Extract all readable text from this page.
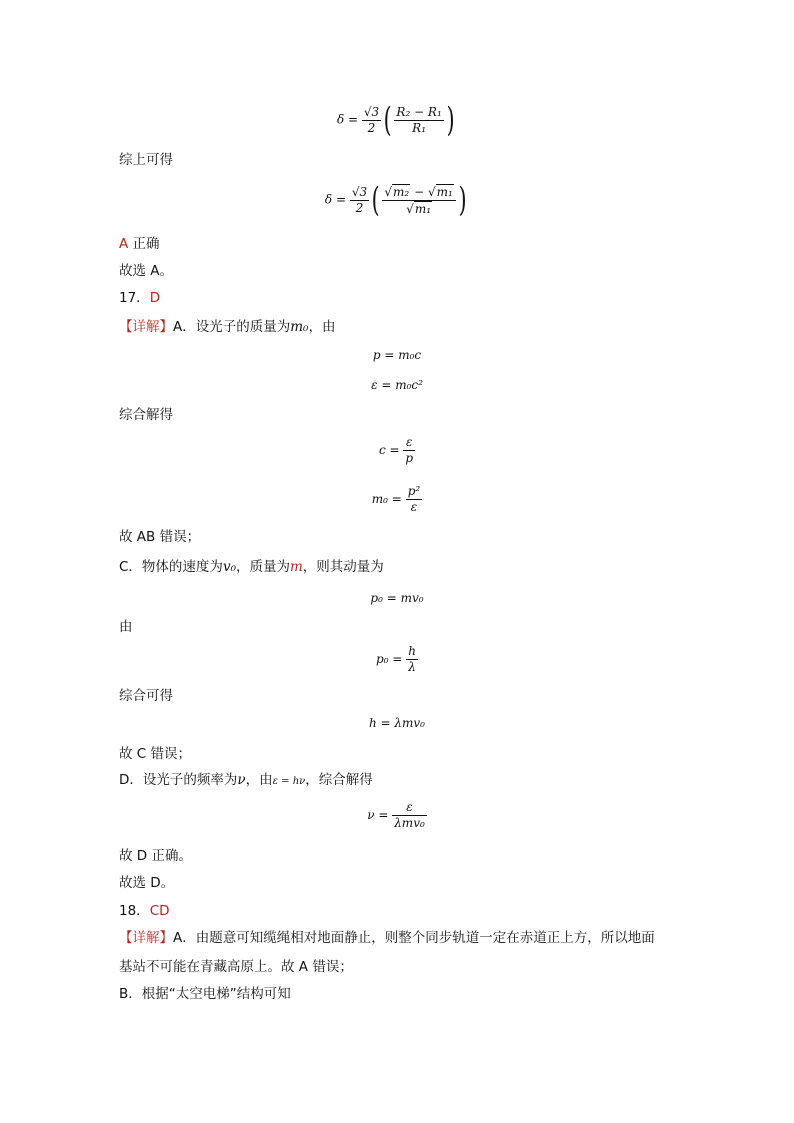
$\delta = \frac{√3}{2}$ ( $\frac{\text{R₂ − R₁}}{\text{R₁}}$ )
综上可得
$\delta = \frac{√3}{2}$ ( $\frac{\text{√m₂ − √m₁}}{\text{√m₁}}$ )
A 正确
故选 A。
17．D
【详解】A．设光子的质量为m₀，由
p = m₀c
ε = m₀c²
综合解得
$c = \frac{\varepsilon}{p}$
$m_0 = \frac{\text{p²}}{\varepsilon}$
故 AB 错误；
C．物体的速度为v₀，质量为m，则其动量为
p₀ = mv₀
由
$p_0 = \frac{h}{\lambda}$
综合可得
h = λmv₀
故 C 错误；
D．设光子的频率为ν，由ε = hν，综合解得
$\nu = \frac{\varepsilon}{\text{λmv₀}}$
故 D 正确。
故选 D。
18．CD
【详解】A．由题意可知缆绳相对地面静止，则整个同步轨道一定在赤道正上方，所以地面
基站不可能在青藏高原上。故 A 错误；
B．根据“太空电梯”结构可知
